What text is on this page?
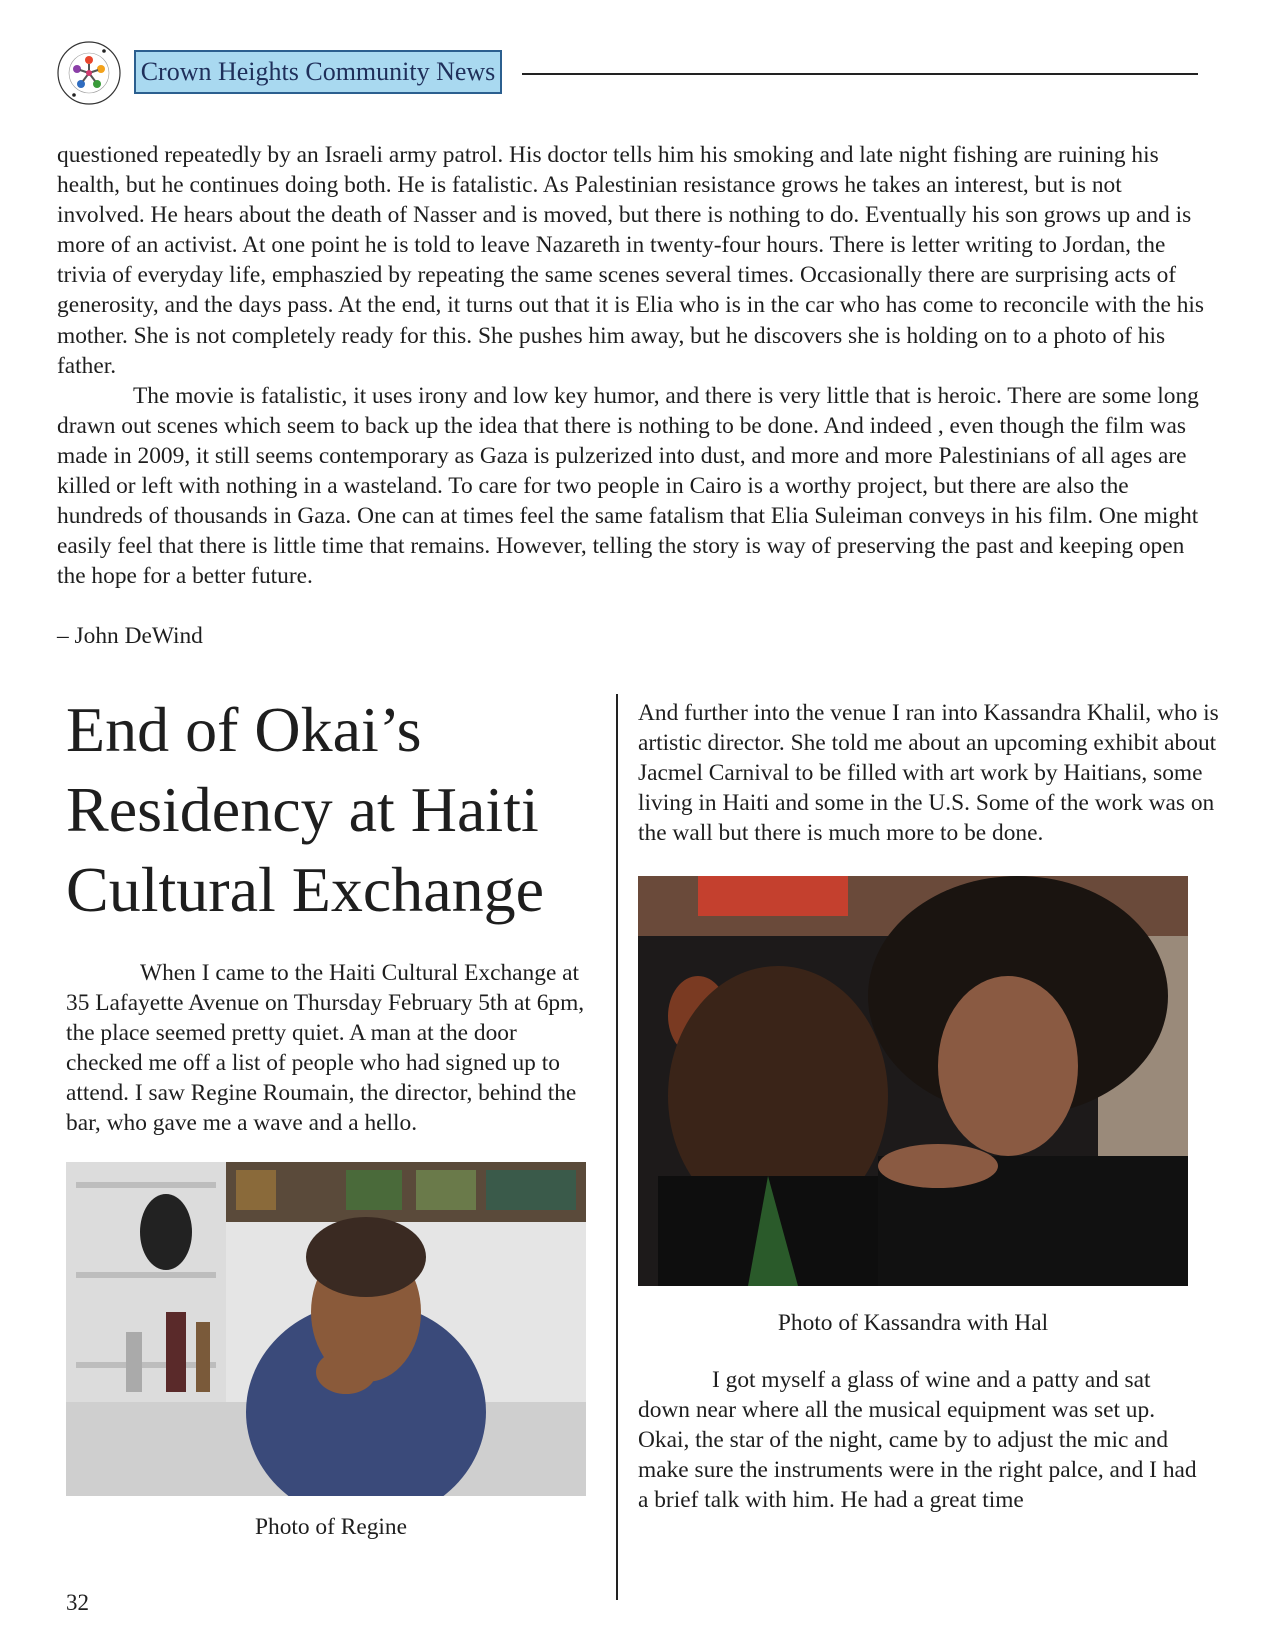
Crown Heights Community News

questioned repeatedly by an Israeli army patrol. His doctor tells him his smoking and late night fishing are ruining his health, but he continues doing both. He is fatalistic. As Palestinian resistance grows he takes an interest, but is not involved. He hears about the death of Nasser and is moved, but there is nothing to do. Eventually his son grows up and is more of an activist. At one point he is told to leave Nazareth in twenty-four hours. There is letter writing to Jordan, the trivia of everyday life, emphaszied by repeating the same scenes several times. Occasionally there are surprising acts of generosity, and the days pass. At the end, it turns out that it is Elia who is in the car who has come to reconcile with the his mother. She is not completely ready for this. She pushes him away, but he discovers she is holding on to a photo of his father.

The movie is fatalistic, it uses irony and low key humor, and there is very little that is heroic. There are some long drawn out scenes which seem to back up the idea that there is nothing to be done. And indeed , even though the film was made in 2009, it still seems contemporary as Gaza is pulzerized into dust, and more and more Palestinians of all ages are killed or left with nothing in a wasteland. To care for two people in Cairo is a worthy project, but there are also the hundreds of thousands in Gaza. One can at times feel the same fatalism that Elia Suleiman conveys in his film. One might easily feel that there is little time that remains. However, telling the story is way of preserving the past and keeping open the hope for a better future.

– John DeWind

End of Okai’s Residency at Haiti Cultural Exchange

When I came to the Haiti Cultural Exchange at 35 Lafayette Avenue on Thursday February 5th at 6pm, the place seemed pretty quiet. A man at the door checked me off a list of people who had signed up to attend. I saw Regine Roumain, the director, behind the bar, who gave me a wave and a hello.

Photo of Regine

And further into the venue I ran into Kassandra Khalil, who is artistic director. She told me about an upcoming exhibit about Jacmel Carnival to be filled with art work by Haitians, some living in Haiti and some in the U.S. Some of the work was on the wall but there is much more to be done.

Photo of Kassandra with Hal

I got myself a glass of wine and a patty and sat down near where all the musical equipment was set up. Okai, the star of the night, came by to adjust the mic and make sure the instruments were in the right palce, and I had a brief talk with him. He had a great time

32
